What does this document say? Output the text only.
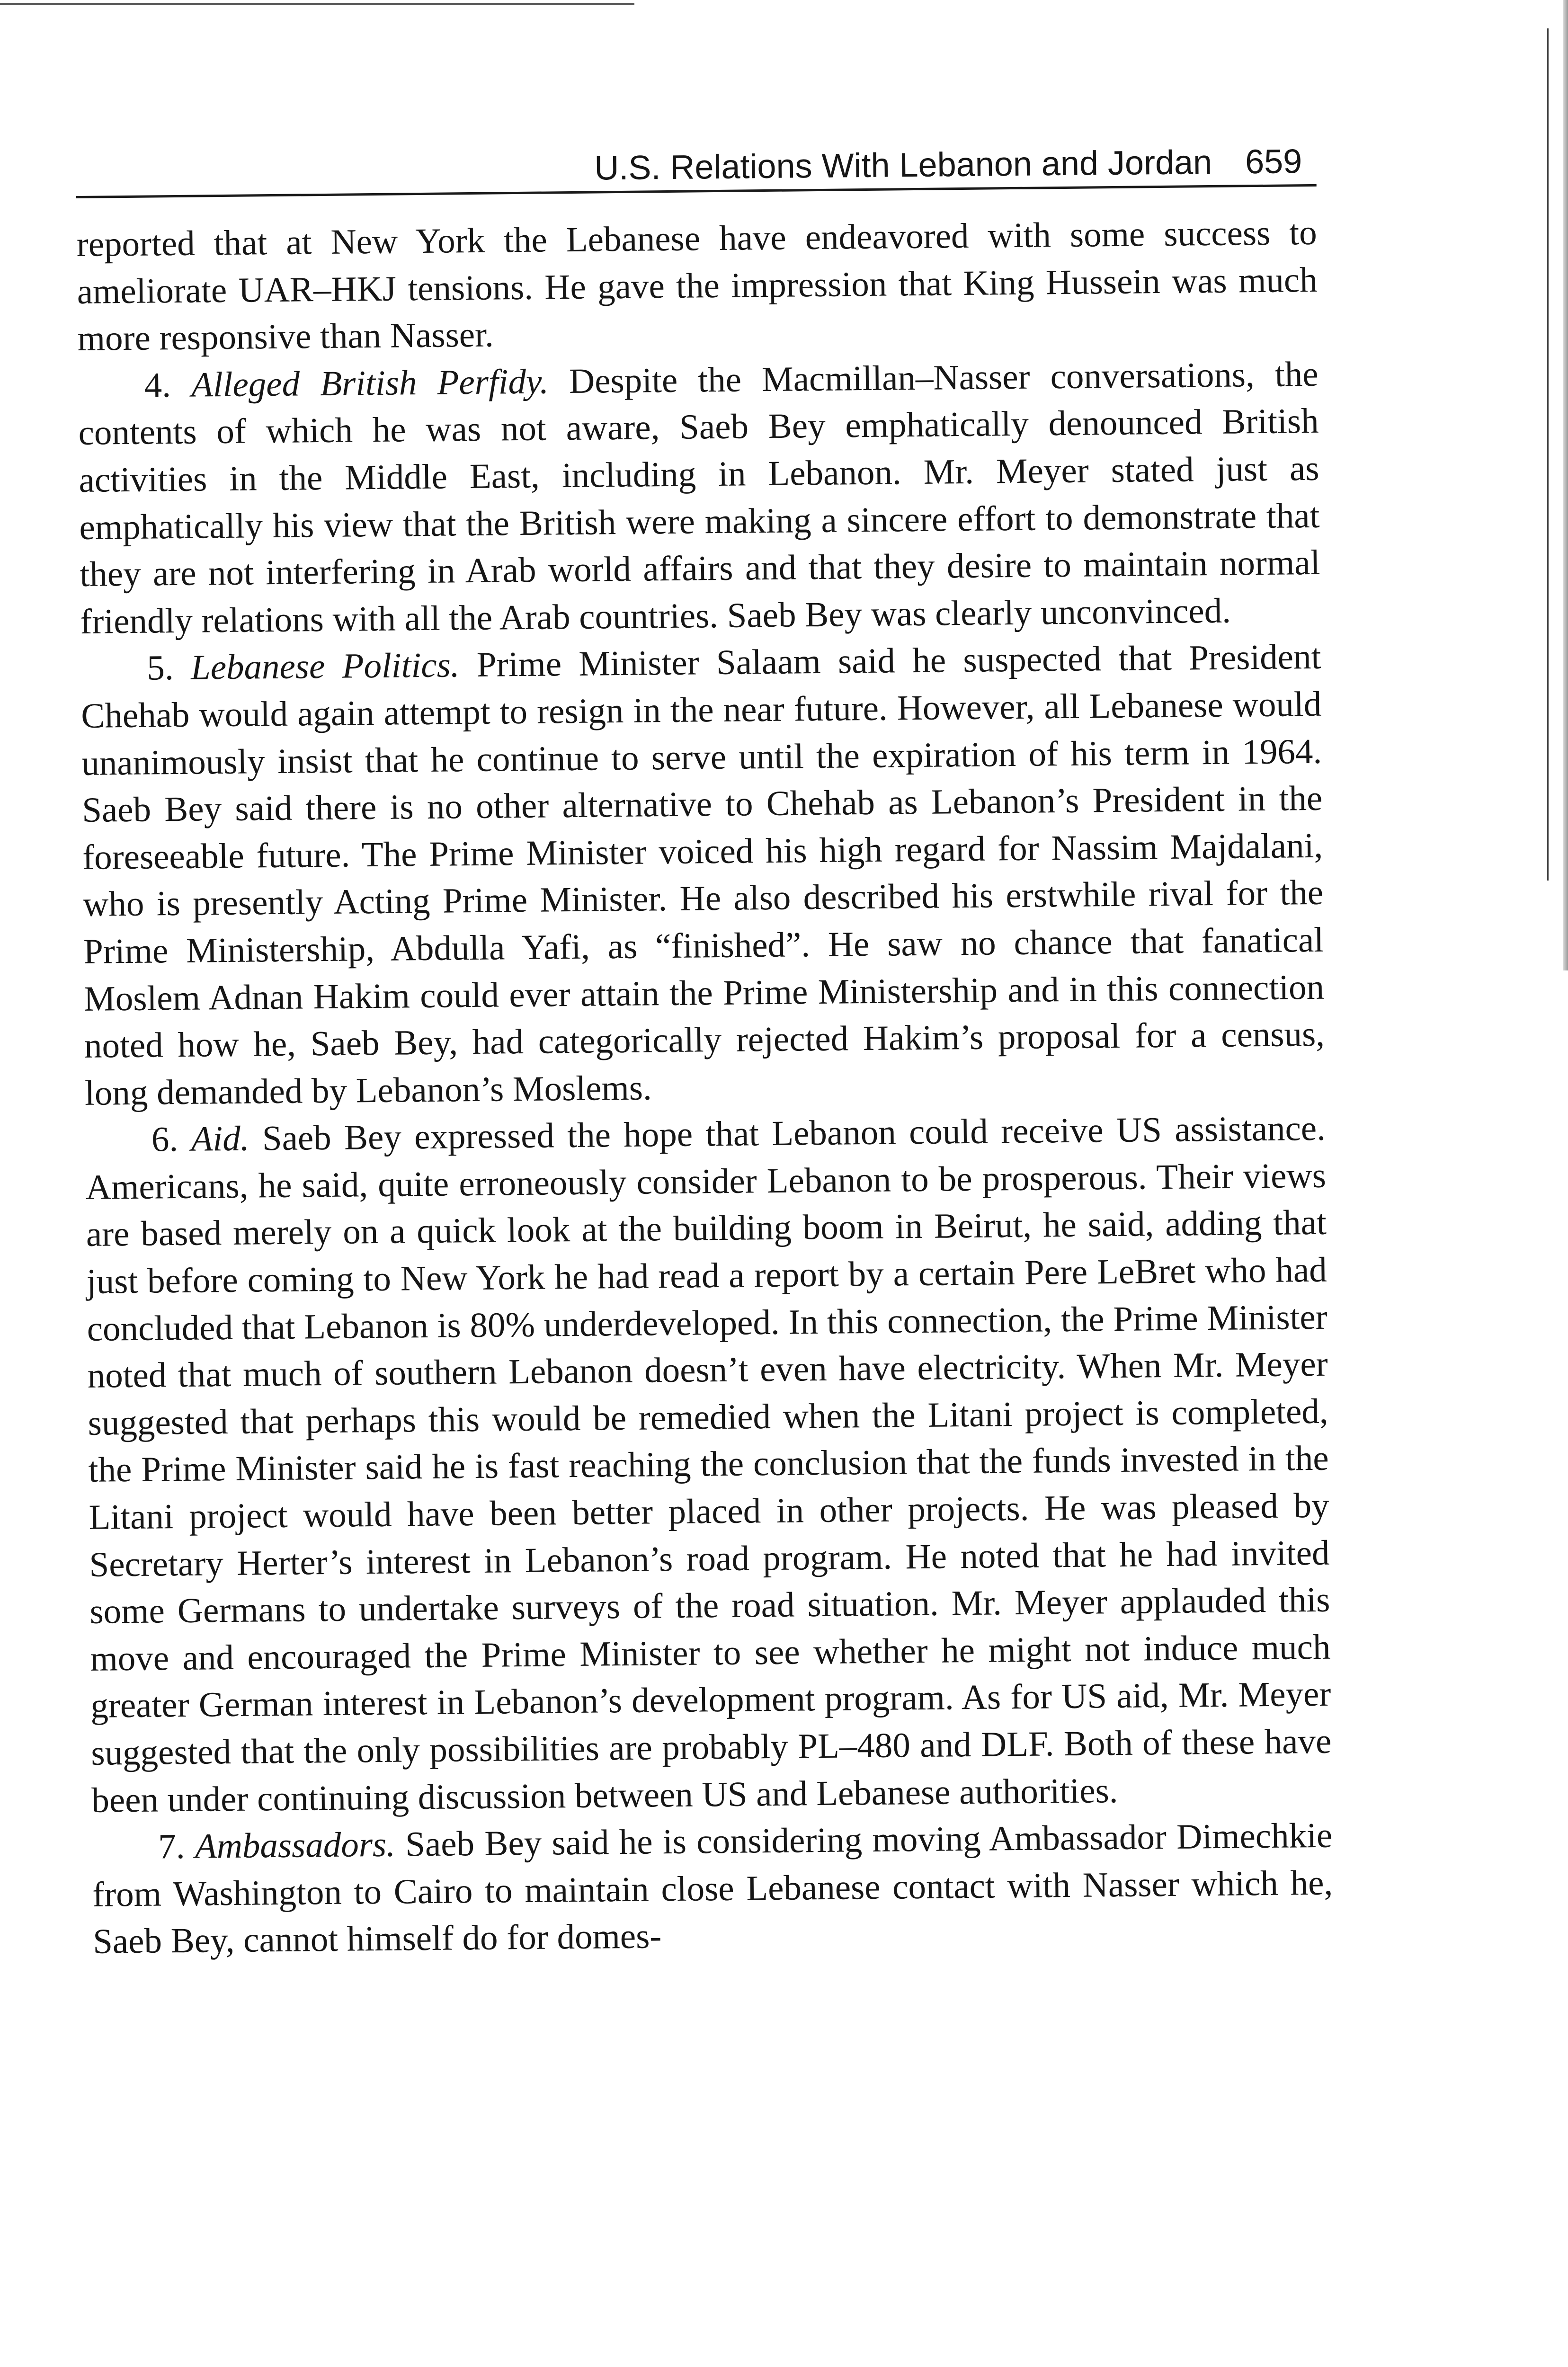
U.S. Relations With Lebanon and Jordan 659

reported that at New York the Lebanese have endeavored with some success to ameliorate UAR–HKJ tensions. He gave the impression that King Hussein was much more responsive than Nasser.

4. Alleged British Perfidy. Despite the Macmillan–Nasser conversations, the contents of which he was not aware, Saeb Bey emphatically denounced British activities in the Middle East, including in Lebanon. Mr. Meyer stated just as emphatically his view that the British were making a sincere effort to demonstrate that they are not interfering in Arab world affairs and that they desire to maintain normal friendly relations with all the Arab countries. Saeb Bey was clearly unconvinced.

5. Lebanese Politics. Prime Minister Salaam said he suspected that President Chehab would again attempt to resign in the near future. However, all Lebanese would unanimously insist that he continue to serve until the expiration of his term in 1964. Saeb Bey said there is no other alternative to Chehab as Lebanon’s President in the foreseeable future. The Prime Minister voiced his high regard for Nassim Majdalani, who is presently Acting Prime Minister. He also described his erstwhile rival for the Prime Ministership, Abdulla Yafi, as “finished”. He saw no chance that fanatical Moslem Adnan Hakim could ever attain the Prime Ministership and in this connection noted how he, Saeb Bey, had categorically rejected Hakim’s proposal for a census, long demanded by Lebanon’s Moslems.

6. Aid. Saeb Bey expressed the hope that Lebanon could receive US assistance. Americans, he said, quite erroneously consider Lebanon to be prosperous. Their views are based merely on a quick look at the building boom in Beirut, he said, adding that just before coming to New York he had read a report by a certain Pere LeBret who had concluded that Lebanon is 80% underdeveloped. In this connection, the Prime Minister noted that much of southern Lebanon doesn’t even have electricity. When Mr. Meyer suggested that perhaps this would be remedied when the Litani project is completed, the Prime Minister said he is fast reaching the conclusion that the funds invested in the Litani project would have been better placed in other projects. He was pleased by Secretary Herter’s interest in Lebanon’s road program. He noted that he had invited some Germans to undertake surveys of the road situation. Mr. Meyer applauded this move and encouraged the Prime Minister to see whether he might not induce much greater German interest in Lebanon’s development program. As for US aid, Mr. Meyer suggested that the only possibilities are probably PL–480 and DLF. Both of these have been under continuing discussion between US and Lebanese authorities.

7. Ambassadors. Saeb Bey said he is considering moving Ambassador Dimechkie from Washington to Cairo to maintain close Lebanese contact with Nasser which he, Saeb Bey, cannot himself do for domes-
